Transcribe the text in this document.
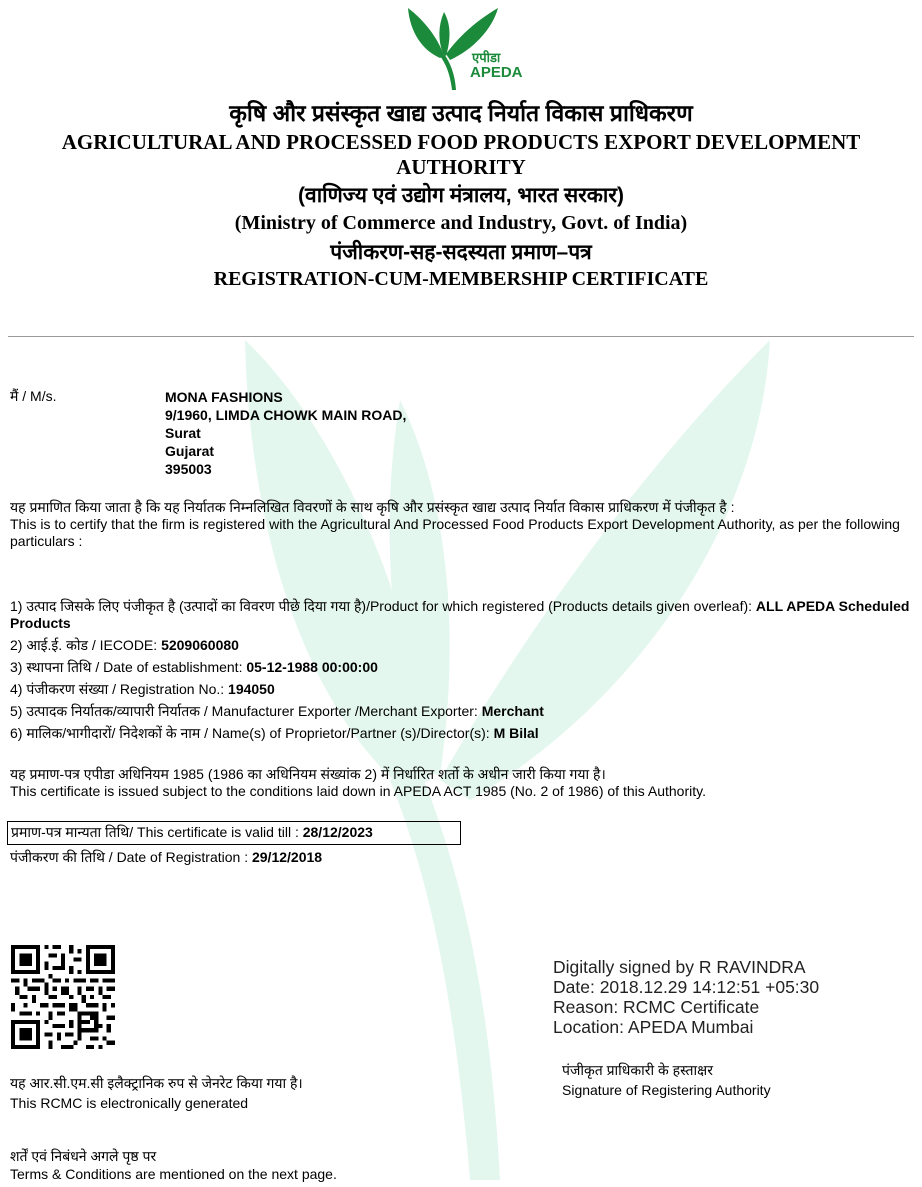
एपीडा
APEDA
कृषि और प्रसंस्कृत खाद्य उत्पाद निर्यात विकास प्राधिकरण
AGRICULTURAL AND PROCESSED FOOD PRODUCTS EXPORT DEVELOPMENT
AUTHORITY
(वाणिज्य एवं उद्योग मंत्रालय, भारत सरकार)
(Ministry of Commerce and Industry, Govt. of India)
पंजीकरण-सह-सदस्यता प्रमाण–पत्र
REGISTRATION-CUM-MEMBERSHIP CERTIFICATE
मैं / M/s.	MONA FASHIONS
9/1960, LIMDA CHOWK MAIN ROAD,
Surat
Gujarat
395003
यह प्रमाणित किया जाता है कि यह निर्यातक निम्नलिखित विवरणों के साथ कृषि और प्रसंस्कृत खाद्य उत्पाद निर्यात विकास प्राधिकरण में पंजीकृत है :
This is to certify that the firm is registered with the Agricultural And Processed Food Products Export Development Authority, as per the following particulars :
1) उत्पाद जिसके लिए पंजीकृत है (उत्पादों का विवरण पीछे दिया गया है)/Product for which registered (Products details given overleaf): ALL APEDA Scheduled Products
2) आई.ई. कोड / IECODE: 5209060080
3) स्थापना तिथि / Date of establishment: 05-12-1988 00:00:00
4) पंजीकरण संख्या / Registration No.: 194050
5) उत्पादक निर्यातक/व्यापारी निर्यातक / Manufacturer Exporter /Merchant Exporter: Merchant
6) मालिक/भागीदारों/ निदेशकों के नाम / Name(s) of Proprietor/Partner (s)/Director(s): M Bilal
यह प्रमाण-पत्र एपीडा अधिनियम 1985 (1986 का अधिनियम संख्यांक 2) में निर्धारित शर्तो के अधीन जारी किया गया है।
This certificate is issued subject to the conditions laid down in APEDA ACT 1985 (No. 2 of 1986) of this Authority.
प्रमाण-पत्र मान्यता तिथि/ This certificate is valid till : 28/12/2023
पंजीकरण की तिथि / Date of Registration : 29/12/2018
Digitally signed by R RAVINDRA
Date: 2018.12.29 14:12:51 +05:30
Reason: RCMC Certificate
Location: APEDA Mumbai
पंजीकृत प्राधिकारी के हस्ताक्षर
Signature of Registering Authority
यह आर.सी.एम.सी इलैक्ट्रानिक रुप से जेनरेट किया गया है।
This RCMC is electronically generated
शर्तें एवं निबंधने अगले पृष्ठ पर
Terms & Conditions are mentioned on the next page.
